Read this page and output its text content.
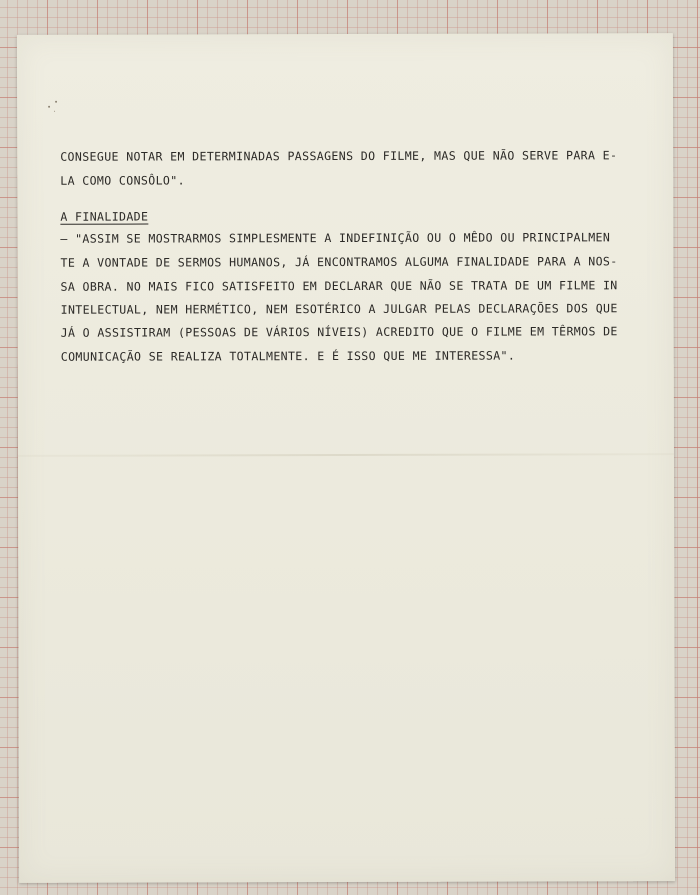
CONSEGUE NOTAR EM DETERMINADAS PASSAGENS DO FILME, MAS QUE NÃO SERVE PARA E-
LA COMO CONSÔLO".
A FINALIDADE
— "ASSIM SE MOSTRARMOS SIMPLESMENTE A INDEFINIÇÃO OU O MÊDO OU PRINCIPALMEN
TE A VONTADE DE SERMOS HUMANOS, JÁ ENCONTRAMOS ALGUMA FINALIDADE PARA A NOS-
SA OBRA. NO MAIS FICO SATISFEITO EM DECLARAR QUE NÃO SE TRATA DE UM FILME IN
INTELECTUAL, NEM HERMÉTICO, NEM ESOTÉRICO A JULGAR PELAS DECLARAÇÕES DOS QUE
JÁ O ASSISTIRAM (PESSOAS DE VÁRIOS NÍVEIS) ACREDITO QUE O FILME EM TÊRMOS DE
COMUNICAÇÃO SE REALIZA TOTALMENTE. E É ISSO QUE ME INTERESSA".
